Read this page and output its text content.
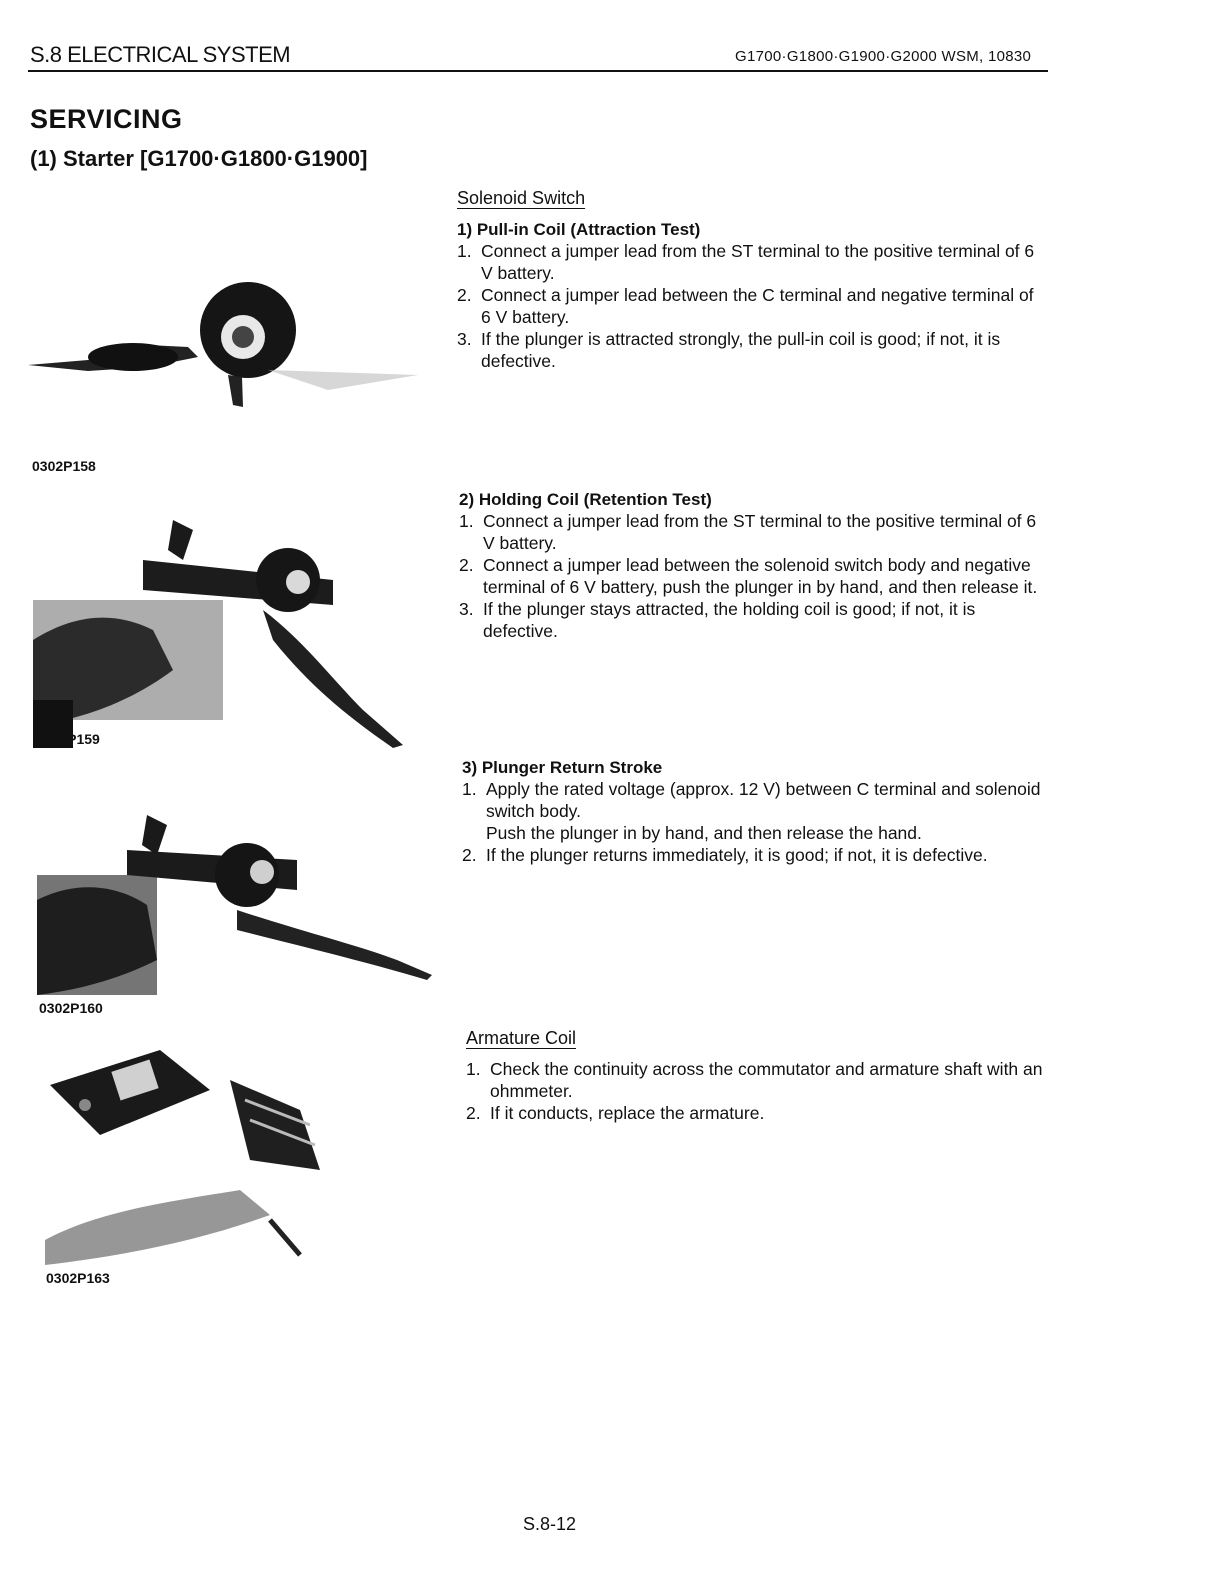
S.8 ELECTRICAL SYSTEM	G1700·G1800·G1900·G2000 WSM, 10830
SERVICING
(1) Starter [G1700·G1800·G1900]
0302P158
0302P159
0302P160
0302P163
Solenoid Switch
1) Pull-in Coil (Attraction Test)
1. Connect a jumper lead from the ST terminal to the positive terminal of 6 V battery.
2. Connect a jumper lead between the C terminal and negative terminal of 6 V battery.
3. If the plunger is attracted strongly, the pull-in coil is good; if not, it is defective.
2) Holding Coil (Retention Test)
1. Connect a jumper lead from the ST terminal to the positive terminal of 6 V battery.
2. Connect a jumper lead between the solenoid switch body and negative terminal of 6 V battery, push the plunger in by hand, and then release it.
3. If the plunger stays attracted, the holding coil is good; if not, it is defective.
3) Plunger Return Stroke
1. Apply the rated voltage (approx. 12 V) between C terminal and solenoid switch body.
Push the plunger in by hand, and then release the hand.
2. If the plunger returns immediately, it is good; if not, it is defective.
Armature Coil
1. Check the continuity across the commutator and armature shaft with an ohmmeter.
2. If it conducts, replace the armature.
S.8-12
